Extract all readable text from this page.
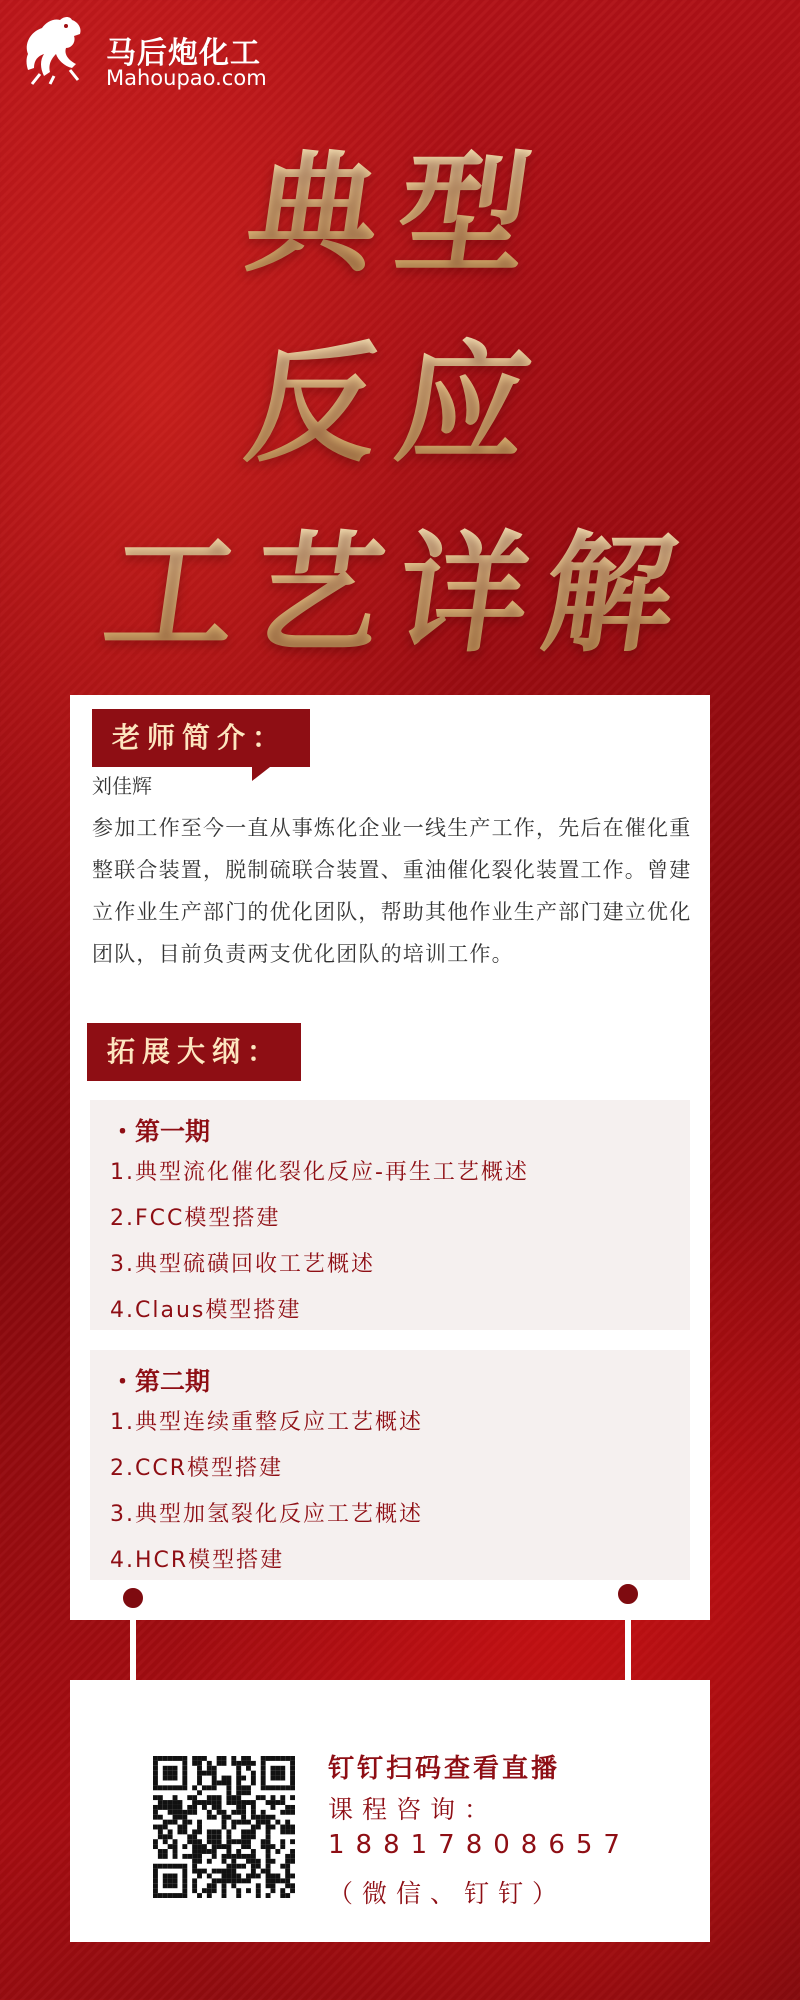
马后炮化工
Mahoupao.com
典型
反应
工艺详解
老师简介：
刘佳辉
参加工作至今一直从事炼化企业一线生产工作，先后在催化重整联合装置，脱制硫联合装置、重油催化裂化装置工作。曾建立作业生产部门的优化团队，帮助其他作业生产部门建立优化团队，目前负责两支优化团队的培训工作。
拓展大纲：
・第一期
1.典型流化催化裂化反应-再生工艺概述
2.FCC模型搭建
3.典型硫磺回收工艺概述
4.Claus模型搭建
・第二期
1.典型连续重整反应工艺概述
2.CCR模型搭建
3.典型加氢裂化反应工艺概述
4.HCR模型搭建
钉钉扫码查看直播
课程咨询：
18817808657
（微信、钉钉）
